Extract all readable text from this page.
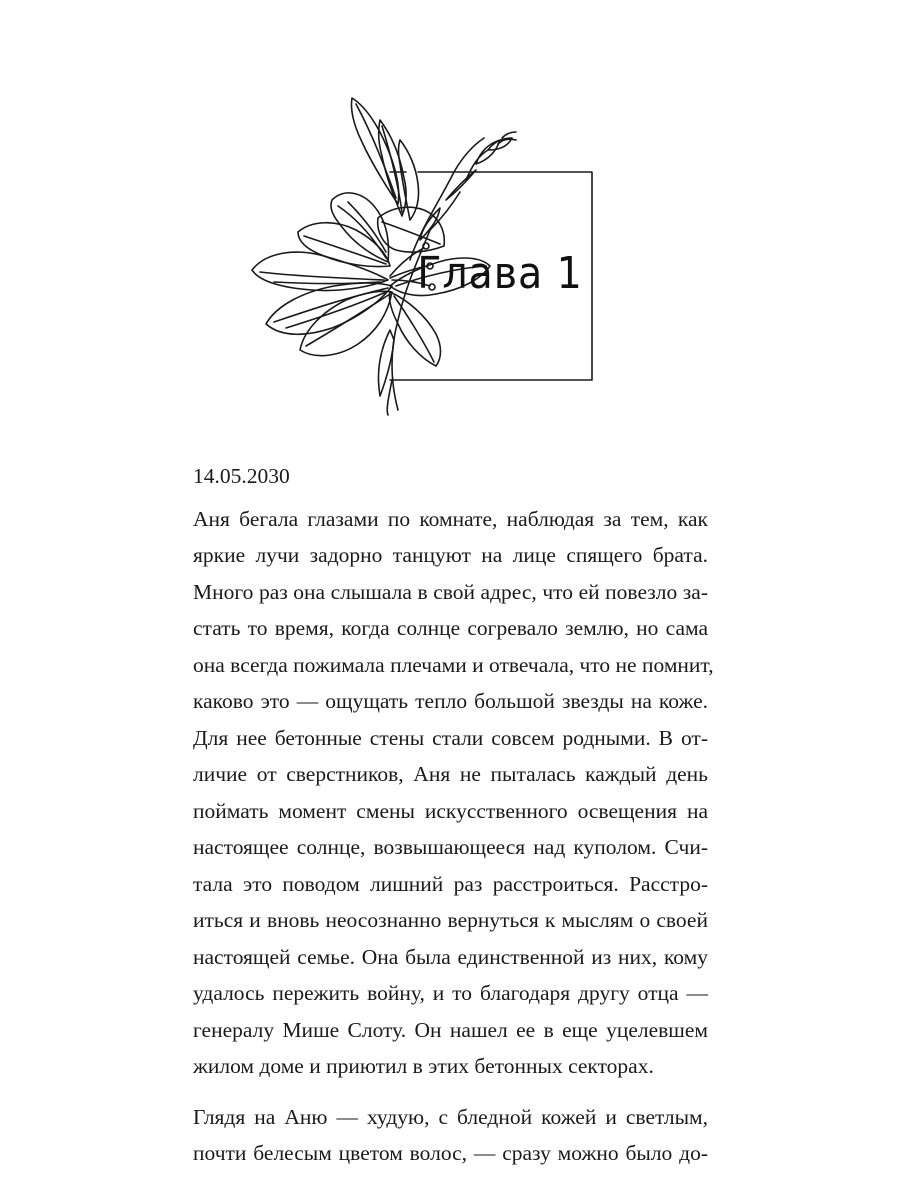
Глава 1

14.05.2030

Аня бегала глазами по комнате, наблюдая за тем, как
яркие лучи задорно танцуют на лице спящего брата.
Много раз она слышала в свой адрес, что ей повезло за-
стать то время, когда солнце согревало землю, но сама
она всегда пожимала плечами и отвечала, что не помнит,
каково это — ощущать тепло большой звезды на коже.
Для нее бетонные стены стали совсем родными. В от-
личие от сверстников, Аня не пыталась каждый день
поймать момент смены искусственного освещения на
настоящее солнце, возвышающееся над куполом. Счи-
тала это поводом лишний раз расстроиться. Расстро-
иться и вновь неосознанно вернуться к мыслям о своей
настоящей семье. Она была единственной из них, кому
удалось пережить войну, и то благодаря другу отца —
генералу Мише Слоту. Он нашел ее в еще уцелевшем
жилом доме и приютил в этих бетонных секторах.
Глядя на Аню — худую, с бледной кожей и светлым,
почти белесым цветом волос, — сразу можно было до-
